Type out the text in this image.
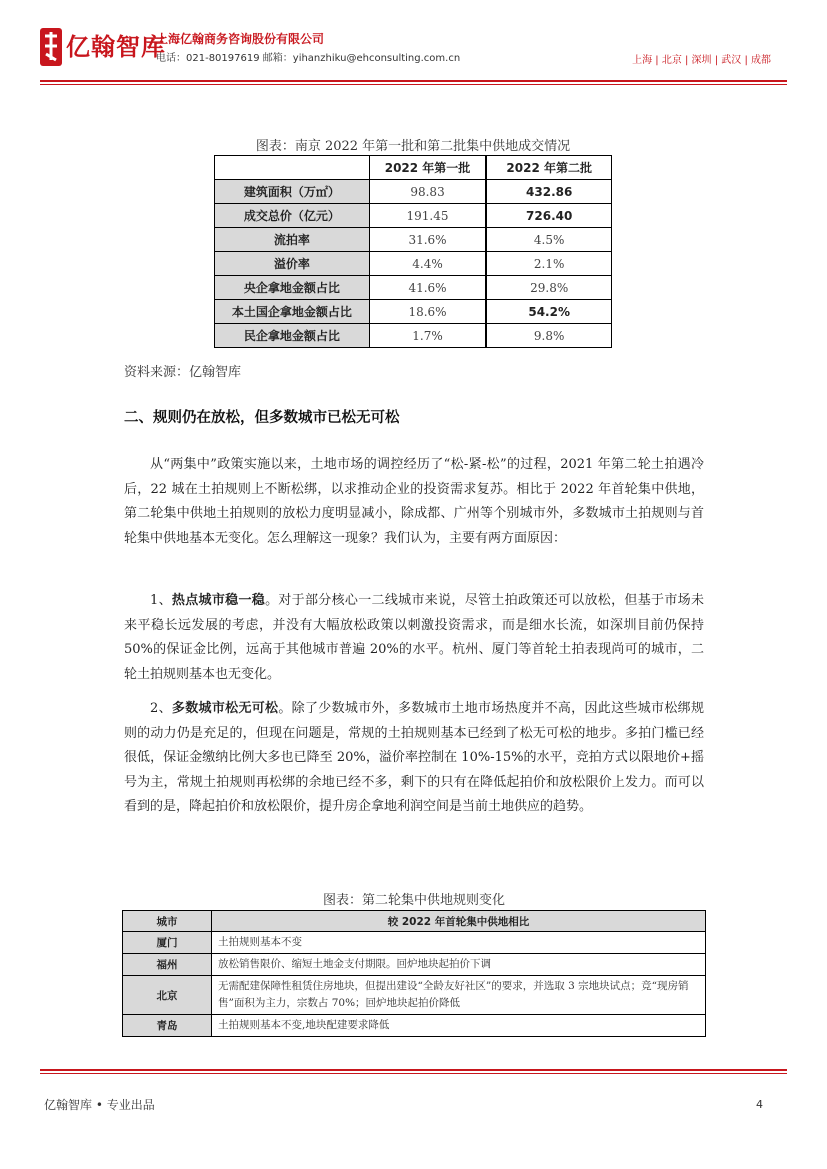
亿翰智库
上海亿翰商务咨询股份有限公司
电话：021-80197619 邮箱：yihanzhiku@ehconsulting.com.cn	上海 | 北京 | 深圳 | 武汉 | 成都
图表：南京 2022 年第一批和第二批集中供地成交情况
	2022 年第一批	2022 年第二批
建筑面积（万㎡）	98.83	432.86
成交总价（亿元）	191.45	726.40
流拍率	31.6%	4.5%
溢价率	4.4%	2.1%
央企拿地金额占比	41.6%	29.8%
本土国企拿地金额占比	18.6%	54.2%
民企拿地金额占比	1.7%	9.8%
资料来源：亿翰智库
二、规则仍在放松，但多数城市已松无可松
从“两集中”政策实施以来，土地市场的调控经历了“松-紧-松”的过程，2021 年第二轮土拍遇冷后，22 城在土拍规则上不断松绑，以求推动企业的投资需求复苏。相比于 2022 年首轮集中供地，第二轮集中供地土拍规则的放松力度明显减小，除成都、广州等个别城市外，多数城市土拍规则与首轮集中供地基本无变化。怎么理解这一现象？我们认为，主要有两方面原因：
1、热点城市稳一稳。对于部分核心一二线城市来说，尽管土拍政策还可以放松，但基于市场未来平稳长远发展的考虑，并没有大幅放松政策以刺激投资需求，而是细水长流，如深圳目前仍保持 50%的保证金比例，远高于其他城市普遍 20%的水平。杭州、厦门等首轮土拍表现尚可的城市，二轮土拍规则基本也无变化。
2、多数城市松无可松。除了少数城市外，多数城市土地市场热度并不高，因此这些城市松绑规则的动力仍是充足的，但现在问题是，常规的土拍规则基本已经到了松无可松的地步。多拍门槛已经很低，保证金缴纳比例大多也已降至 20%，溢价率控制在 10%-15%的水平，竞拍方式以限地价+摇号为主，常规土拍规则再松绑的余地已经不多，剩下的只有在降低起拍价和放松限价上发力。而可以看到的是，降起拍价和放松限价，提升房企拿地利润空间是当前土地供应的趋势。
图表：第二轮集中供地规则变化
城市	较 2022 年首轮集中供地相比
厦门	土拍规则基本不变
福州	放松销售限价、缩短土地金支付期限。回炉地块起拍价下调
北京	无需配建保障性租赁住房地块，但提出建设“全龄友好社区”的要求，并选取 3 宗地块试点；竞“现房销售”面积为主力，宗数占 70%；回炉地块起拍价降低
青岛	土拍规则基本不变,地块配建要求降低
亿翰智库 • 专业出品	4
